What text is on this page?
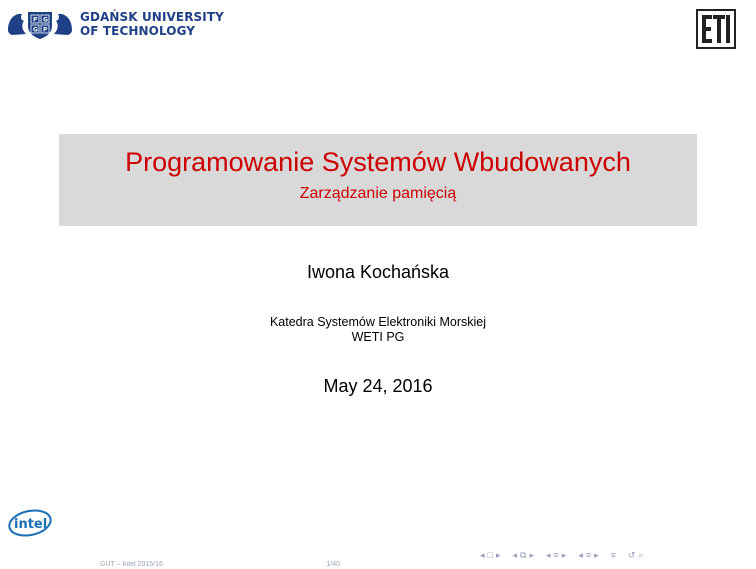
P G
G P
GDAŃSK UNIVERSITY
OF TECHNOLOGY
Programowanie Systemów Wbudowanych
Zarządzanie pamięcią
Iwona Kochańska
Katedra Systemów Elektroniki Morskiej
WETI PG
May 24, 2016
intel
◂ □ ▸ ◂ ⧉ ▸ ◂ ≡ ▸ ◂ ≡ ▸ ≡ ↺ ⌕
GUT – Intel 2015/16	1/40
